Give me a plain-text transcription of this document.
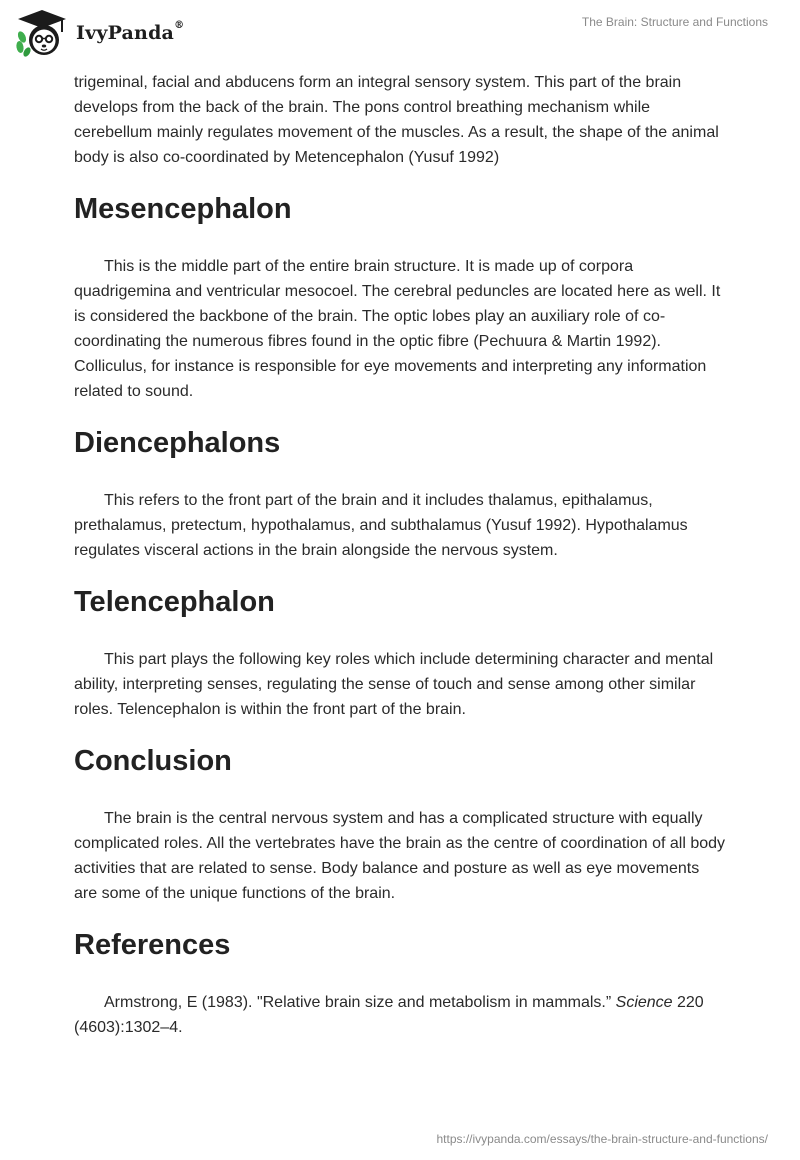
IvyPanda®	The Brain: Structure and Functions

trigeminal, facial and abducens form an integral sensory system. This part of the brain develops from the back of the brain. The pons control breathing mechanism while cerebellum mainly regulates movement of the muscles. As a result, the shape of the animal body is also co-coordinated by Metencephalon (Yusuf 1992)

Mesencephalon

This is the middle part of the entire brain structure. It is made up of corpora quadrigemina and ventricular mesocoel. The cerebral peduncles are located here as well. It is considered the backbone of the brain. The optic lobes play an auxiliary role of co-coordinating the numerous fibres found in the optic fibre (Pechuura & Martin 1992). Colliculus, for instance is responsible for eye movements and interpreting any information related to sound.

Diencephalons

This refers to the front part of the brain and it includes thalamus, epithalamus, prethalamus, pretectum, hypothalamus, and subthalamus (Yusuf 1992). Hypothalamus regulates visceral actions in the brain alongside the nervous system.

Telencephalon

This part plays the following key roles which include determining character and mental ability, interpreting senses, regulating the sense of touch and sense among other similar roles. Telencephalon is within the front part of the brain.

Conclusion

The brain is the central nervous system and has a complicated structure with equally complicated roles. All the vertebrates have the brain as the centre of coordination of all body activities that are related to sense. Body balance and posture as well as eye movements are some of the unique functions of the brain.

References

Armstrong, E (1983). "Relative brain size and metabolism in mammals.” Science 220 (4603):1302–4.

https://ivypanda.com/essays/the-brain-structure-and-functions/
